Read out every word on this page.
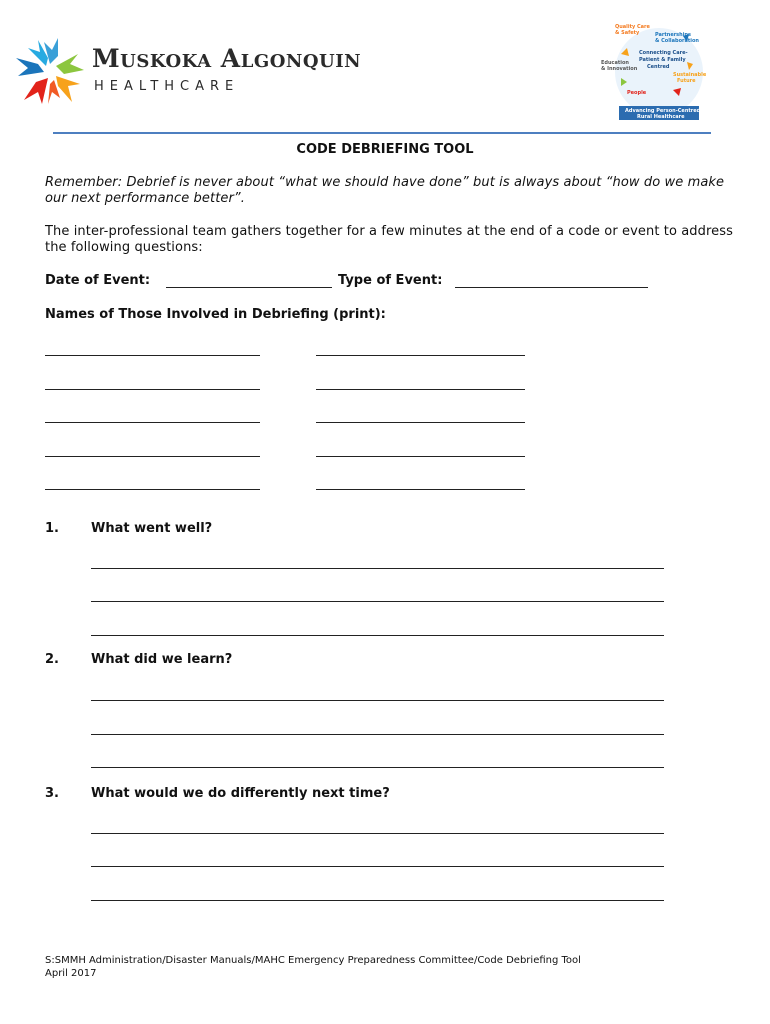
Muskoka Algonquin
HEALTHCARE
Quality Care
& Safety	Partnerships
& Collaboration
Connecting Care-
Patient & Family
Centred
Education
& Innovation
Sustainable
Future
People
Advancing Person-Centred
Rural Healthcare
CODE DEBRIEFING TOOL
Remember: Debrief is never about “what we should have done” but is always about “how do we make our next performance better”.
The inter-professional team gathers together for a few minutes at the end of a code or event to address the following questions:
Date of Event:	Type of Event:
Names of Those Involved in Debriefing (print):
1. What went well?
2. What did we learn?
3. What would we do differently next time?
S:SMMH Administration/Disaster Manuals/MAHC Emergency Preparedness Committee/Code Debriefing Tool
April 2017
